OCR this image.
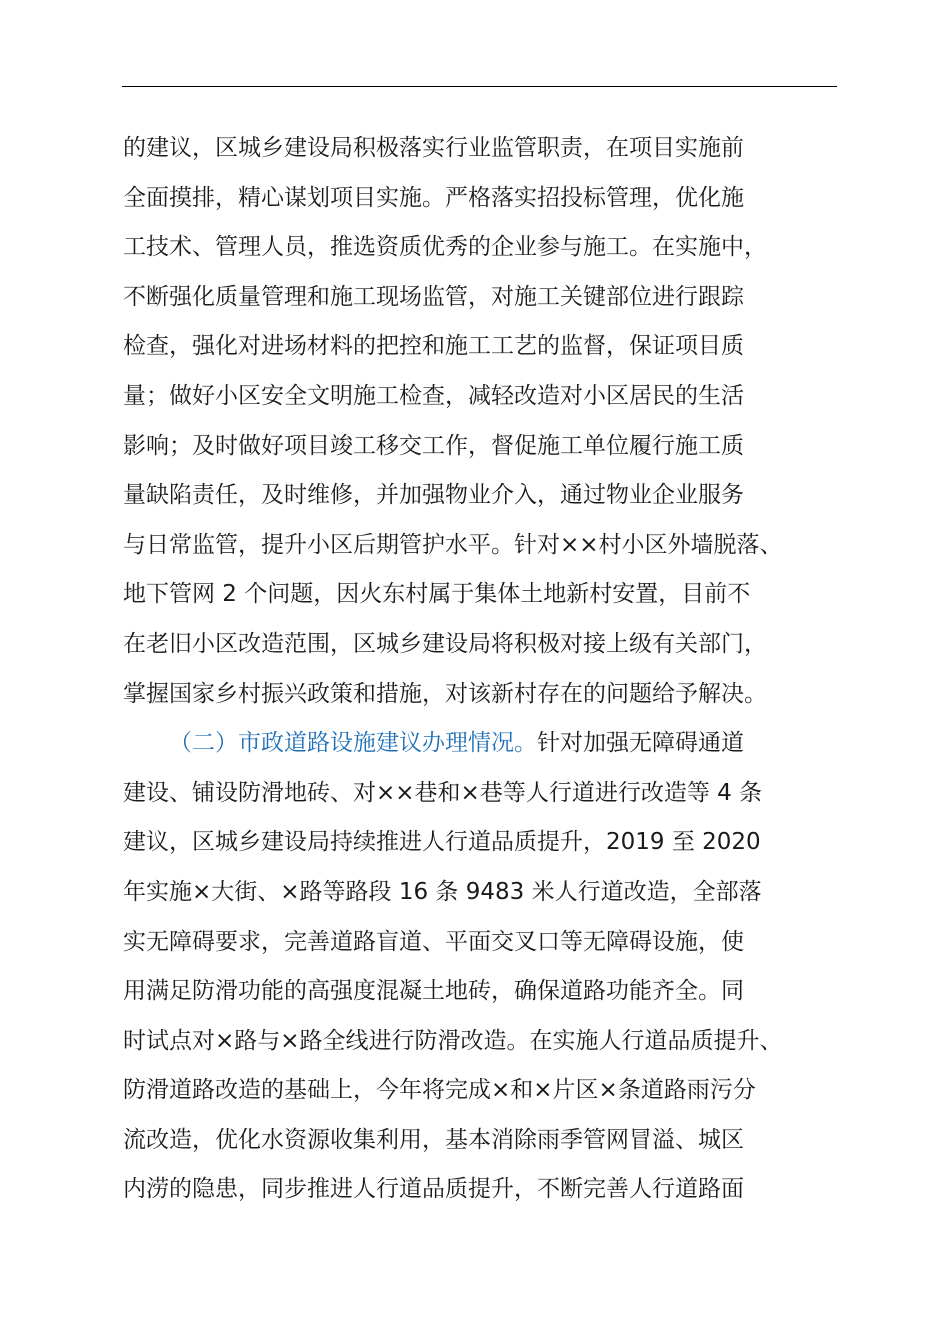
的建议，区城乡建设局积极落实行业监管职责，在项目实施前
全面摸排，精心谋划项目实施。严格落实招投标管理，优化施
工技术、管理人员，推选资质优秀的企业参与施工。在实施中，
不断强化质量管理和施工现场监管，对施工关键部位进行跟踪
检查，强化对进场材料的把控和施工工艺的监督，保证项目质
量；做好小区安全文明施工检查，减轻改造对小区居民的生活
影响；及时做好项目竣工移交工作，督促施工单位履行施工质
量缺陷责任，及时维修，并加强物业介入，通过物业企业服务
与日常监管，提升小区后期管护水平。针对××村小区外墙脱落、
地下管网 2 个问题，因火东村属于集体土地新村安置，目前不
在老旧小区改造范围，区城乡建设局将积极对接上级有关部门，
掌握国家乡村振兴政策和措施，对该新村存在的问题给予解决。
（二）市政道路设施建议办理情况。针对加强无障碍通道
建设、铺设防滑地砖、对××巷和×巷等人行道进行改造等 4 条
建议，区城乡建设局持续推进人行道品质提升，2019 至 2020
年实施×大街、×路等路段 16 条 9483 米人行道改造，全部落
实无障碍要求，完善道路盲道、平面交叉口等无障碍设施，使
用满足防滑功能的高强度混凝土地砖，确保道路功能齐全。同
时试点对×路与×路全线进行防滑改造。在实施人行道品质提升、
防滑道路改造的基础上，今年将完成×和×片区×条道路雨污分
流改造，优化水资源收集利用，基本消除雨季管网冒溢、城区
内涝的隐患，同步推进人行道品质提升，不断完善人行道路面
